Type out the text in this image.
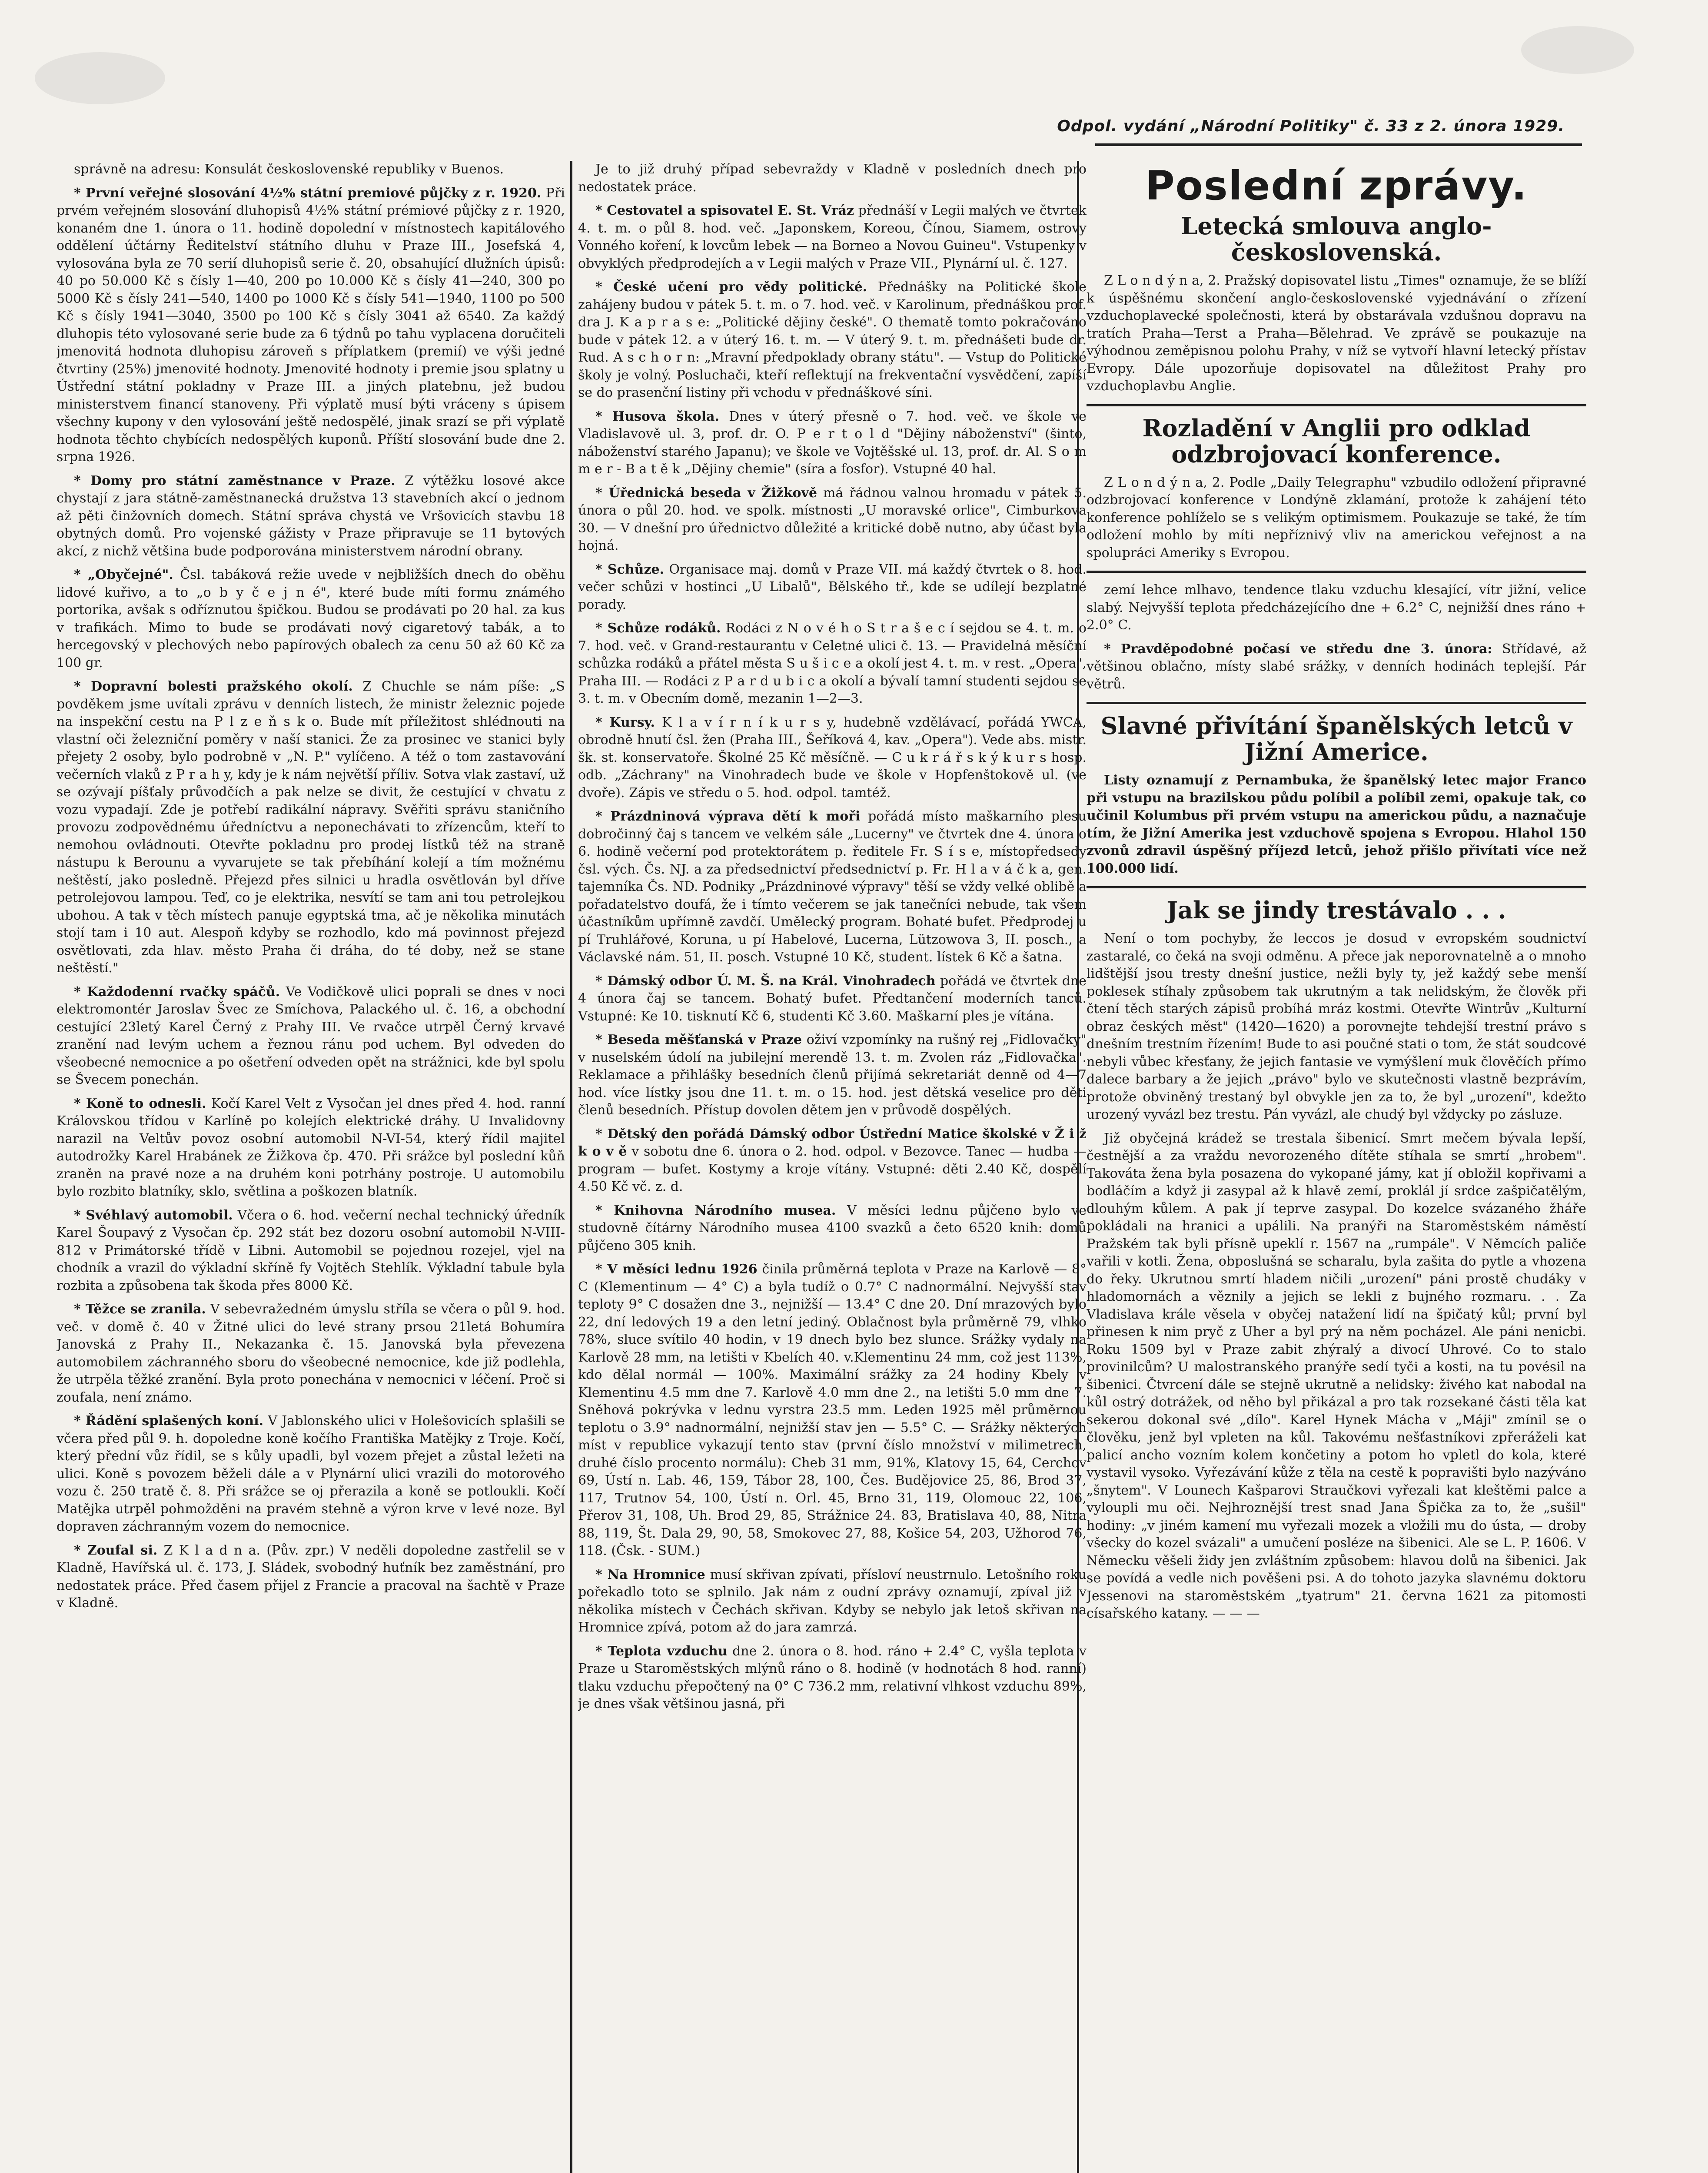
Odpol. vydání „Národní Politiky" č. 33 z 2. února 1929.

správně na adresu: Konsulát československé republiky v Buenos.

* První veřejné slosování 4½% státní premiové půjčky z r. 1920. Při prvém veřejném slosování dluhopisů 4½% státní prémiové půjčky z r. 1920, konaném dne 1. února o 11. hodině dopolední v místnostech kapitálového oddělení účtárny Ředitelství státního dluhu v Praze III., Josefská 4, vylosována byla ze 70 serií dluhopisů serie č. 20, obsahující dlužních úpisů: 40 po 50.000 Kč s čísly 1—40, 200 po 10.000 Kč s čísly 41—240, 300 po 5000 Kč s čísly 241—540, 1400 po 1000 Kč s čísly 541—1940, 1100 po 500 Kč s čísly 1941—3040, 3500 po 100 Kč s čísly 3041 až 6540. Za každý dluhopis této vylosované serie bude za 6 týdnů po tahu vyplacena doručiteli jmenovitá hodnota dluhopisu zároveň s příplatkem (premií) ve výši jedné čtvrtiny (25%) jmenovité hodnoty. Jmenovité hodnoty i premie jsou splatny u Ústřední státní pokladny v Praze III. a jiných platebnu, jež budou ministerstvem financí stanoveny. Při výplatě musí býti vráceny s úpisem všechny kupony v den vylosování ještě nedospělé, jinak srazí se při výplatě hodnota těchto chybících nedospělých kuponů. Příští slosování bude dne 2. srpna 1926.

* Domy pro státní zaměstnance v Praze. Z výtěžku losové akce chystají z jara státně-zaměstnanecká družstva 13 stavebních akcí o jednom až pěti činžovních domech. Státní správa chystá ve Vršovicích stavbu 18 obytných domů. Pro vojenské gážisty v Praze připravuje se 11 bytových akcí, z nichž většina bude podporována ministerstvem národní obrany.

* „Obyčejné". Čsl. tabáková režie uvede v nejbližších dnech do oběhu lidové kuřivo, a to „o b y č e j n é", které bude míti formu známého portorika, avšak s odříznutou špičkou. Budou se prodávati po 20 hal. za kus v trafikách. Mimo to bude se prodávati nový cigaretový tabák, a to hercegovský v plechových nebo papírových obalech za cenu 50 až 60 Kč za 100 gr.

* Dopravní bolesti pražského okolí. Z Chuchle se nám píše: „S povděkem jsme uvítali zprávu v denních listech, že ministr železnic pojede na inspekční cestu na P l z e ň s k o. Bude mít příležitost shlédnouti na vlastní oči železniční poměry v naší stanici. Že za prosinec ve stanici byly přejety 2 osoby, bylo podrobně v „N. P." vylíčeno. A též o tom zastavování večerních vlaků z P r a h y, kdy je k nám největší příliv. Sotva vlak zastaví, už se ozývají píšťaly průvodčích a pak nelze se divit, že cestující v chvatu z vozu vypadají. Zde je potřebí radikální nápravy. Svěřiti správu staničního provozu zodpovědnému úředníctvu a neponechávati to zřízencům, kteří to nemohou ovládnouti. Otevřte pokladnu pro prodej lístků též na straně nástupu k Berounu a vyvarujete se tak přebíhání kolejí a tím možnému neštěstí, jako posledně. Přejezd přes silnici u hradla osvětlován byl dříve petrolejovou lampou. Teď, co je elektrika, nesvítí se tam ani tou petrolejkou ubohou. A tak v těch místech panuje egyptská tma, ač je několika minutách stojí tam i 10 aut. Alespoň kdyby se rozhodlo, kdo má povinnost přejezd osvětlovati, zda hlav. město Praha či dráha, do té doby, než se stane neštěstí."

* Každodenní rvačky spáčů. Ve Vodičkově ulici poprali se dnes v noci elektromontér Jaroslav Švec ze Smíchova, Palackého ul. č. 16, a obchodní cestující 23letý Karel Černý z Prahy III. Ve rvačce utrpěl Černý krvavé zranění nad levým uchem a řeznou ránu pod uchem. Byl odveden do všeobecné nemocnice a po ošetření odveden opět na strážnici, kde byl spolu se Švecem ponechán.

* Koně to odnesli. Kočí Karel Velt z Vysočan jel dnes před 4. hod. ranní Královskou třídou v Karlíně po kolejích elektrické dráhy. U Invalidovny narazil na Veltův povoz osobní automobil N-VI-54, který řídil majitel autodrožky Karel Hrabánek ze Žižkova čp. 470. Při srážce byl poslední kůň zraněn na pravé noze a na druhém koni potrhány postroje. U automobilu bylo rozbito blatníky, sklo, světlina a poškozen blatník.

* Svéhlavý automobil. Včera o 6. hod. večerní nechal technický úředník Karel Šoupavý z Vysočan čp. 292 stát bez dozoru osobní automobil N-VIII-812 v Primátorské třídě v Libni. Automobil se pojednou rozejel, vjel na chodník a vrazil do výkladní skříně fy Vojtěch Stehlík. Výkladní tabule byla rozbita a způsobena tak škoda přes 8000 Kč.

* Těžce se zranila. V sebevražedném úmyslu stříla se včera o půl 9. hod. več. v domě č. 40 v Žitné ulici do levé strany prsou 21letá Bohumíra Janovská z Prahy II., Nekazanka č. 15. Janovská byla převezena automobilem záchranného sboru do všeobecné nemocnice, kde již podlehla, že utrpěla těžké zranění. Byla proto ponechána v nemocnici v léčení. Proč si zoufala, není známo.

* Řádění splašených koní. V Jablonského ulici v Holešovicích splašili se včera před půl 9. h. dopoledne koně kočího Františka Matějky z Troje. Kočí, který přední vůz řídil, se s kůly upadli, byl vozem přejet a zůstal ležeti na ulici. Koně s povozem běželi dále a v Plynární ulici vrazili do motorového vozu č. 250 tratě č. 8. Při srážce se oj přerazila a koně se potloukli. Kočí Matějka utrpěl pohmožděni na pravém stehně a výron krve v levé noze. Byl dopraven záchranným vozem do nemocnice.

* Zoufal si. Z K l a d n a. (Pův. zpr.) V neděli dopoledne zastřelil se v Kladně, Havířská ul. č. 173, J. Sládek, svobodný huťník bez zaměstnání, pro nedostatek práce. Před časem přijel z Francie a pracoval na šachtě v Praze v Kladně.

Je to již druhý případ sebevraždy v Kladně v posledních dnech pro nedostatek práce.

* Cestovatel a spisovatel E. St. Vráz přednáší v Legii malých ve čtvrtek 4. t. m. o půl 8. hod. več. „Japonskem, Koreou, Čínou, Siamem, ostrovy Vonného koření, k lovcům lebek — na Borneo a Novou Guineu". Vstupenky v obvyklých předprodejích a v Legii malých v Praze VII., Plynární ul. č. 127.

* České učení pro vědy politické. Přednášky na Politické škole zahájeny budou v pátek 5. t. m. o 7. hod. več. v Karolinum, přednáškou prof. dra J. K a p r a s e: „Politické dějiny české". O thematě tomto pokračováno bude v pátek 12. a v úterý 16. t. m. — V úterý 9. t. m. přednášeti bude dr. Rud. A s c h o r n: „Mravní předpoklady obrany státu". — Vstup do Politické školy je volný. Posluchači, kteří reflektují na frekventační vysvědčení, zapíší se do prasenční listiny při vchodu v přednáškové síni.

* Husova škola. Dnes v úterý přesně o 7. hod. več. ve škole ve Vladislavově ul. 3, prof. dr. O. P e r t o l d "Dějiny náboženství" (šinto, náboženství starého Japanu); ve škole ve Vojtěšské ul. 13, prof. dr. Al. S o m m e r - B a t ě k „Dějiny chemie" (síra a fosfor). Vstupné 40 hal.

* Úřednická beseda v Žižkově má řádnou valnou hromadu v pátek 5. února o půl 20. hod. ve spolk. místnosti „U moravské orlice", Cimburkova 30. — V dnešní pro úřednictvo důležité a kritické době nutno, aby účast byla hojná.

* Schůze. Organisace maj. domů v Praze VII. má každý čtvrtek o 8. hod. večer schůzi v hostinci „U Libalů", Bělského tř., kde se udílejí bezplatné porady.

* Schůze rodáků. Rodáci z N o v é h o S t r a š e c í sejdou se 4. t. m. o 7. hod. več. v Grand-restaurantu v Celetné ulici č. 13. — Pravidelná měsíční schůzka rodáků a přátel města S u š i c e a okolí jest 4. t. m. v rest. „Opera", Praha III. — Rodáci z P a r d u b i c a okolí a bývalí tamní studenti sejdou se 3. t. m. v Obecním domě, mezanin 1—2—3.

* Kursy. K l a v í r n í k u r s y, hudebně vzdělávací, pořádá YWCA, obrodně hnutí čsl. žen (Praha III., Šeříková 4, kav. „Opera"). Vede abs. mistr. šk. st. konservatoře. Školné 25 Kč měsíčně. — C u k r á ř s k ý k u r s hosp. odb. „Záchrany" na Vinohradech bude ve škole v Hopfenštokově ul. (ve dvoře). Zápis ve středu o 5. hod. odpol. tamtéž.

* Prázdninová výprava dětí k moři pořádá místo maškarního plesu dobročinný čaj s tancem ve velkém sále „Lucerny" ve čtvrtek dne 4. února o 6. hodině večerní pod protektorátem p. ředitele Fr. S í s e, místopředsedy čsl. vých. Čs. NJ. a za předsednictví předsednictví p. Fr. H l a v á č k a, gen. tajemníka Čs. ND. Podniky „Prázdninové výpravy" těší se vždy velké oblibě a pořadatelstvo doufá, že i tímto večerem se jak tanečníci nebude, tak všem účastníkům upřímně zavdčí. Umělecký program. Bohaté bufet. Předprodej u pí Truhlářové, Koruna, u pí Habelové, Lucerna, Lützowova 3, II. posch., a Václavské nám. 51, II. posch. Vstupné 10 Kč, student. lístek 6 Kč a šatna.

* Dámský odbor Ú. M. Š. na Král. Vinohradech pořádá ve čtvrtek dne 4 února čaj se tancem. Bohatý bufet. Předtančení moderních tanců. Vstupné: Ke 10. tisknutí Kč 6, studenti Kč 3.60. Maškarní ples je vítána.

* Beseda měšťanská v Praze oživí vzpomínky na rušný rej „Fidlovačky" v nuselském údolí na jubilejní merendě 13. t. m. Zvolen ráz „Fidlovačka". Reklamace a přihlášky besedních členů přijímá sekretariát denně od 4—7 hod. více lístky jsou dne 11. t. m. o 15. hod. jest dětská veselice pro děti členů besedních. Přístup dovolen dětem jen v průvodě dospělých.

* Dětský den pořádá Dámský odbor Ústřední Matice školské v Ž i ž k o v ě v sobotu dne 6. února o 2. hod. odpol. v Bezovce. Tanec — hudba — program — bufet. Kostymy a kroje vítány. Vstupné: děti 2.40 Kč, dospělí 4.50 Kč vč. z. d.

* Knihovna Národního musea. V měsíci lednu půjčeno bylo ve studovně čítárny Národního musea 4100 svazků a četo 6520 knih: domů půjčeno 305 knih.

* V měsíci lednu 1926 činila průměrná teplota v Praze na Karlově — 8° C (Klementinum — 4° C) a byla tudíž o 0.7° C nadnormální. Nejvyšší stav teploty 9° C dosažen dne 3., nejnižší — 13.4° C dne 20. Dní mrazových bylo 22, dní ledových 19 a den letní jediný. Oblačnost byla průměrně 79, vlhko 78%, sluce svítilo 40 hodin, v 19 dnech bylo bez slunce. Srážky vydaly na Karlově 28 mm, na letišti v Kbelích 40. v.Klementinu 24 mm, což jest 113%, kdo dělal normál — 100%. Maximální srážky za 24 hodiny Kbely v Klementinu 4.5 mm dne 7. Karlově 4.0 mm dne 2., na letišti 5.0 mm dne 7. Sněhová pokrývka v lednu vyrstra 23.5 mm. Leden 1925 měl průměrnou teplotu o 3.9° nadnormální, nejnižší stav jen — 5.5° C. — Srážky některých míst v republice vykazují tento stav (první číslo množství v milimetrech, druhé číslo procento normálu): Cheb 31 mm, 91%, Klatovy 15, 64, Cerchov 69, Ústí n. Lab. 46, 159, Tábor 28, 100, Čes. Budějovice 25, 86, Brod 37, 117, Trutnov 54, 100, Ústí n. Orl. 45, Brno 31, 119, Olomouc 22, 106, Přerov 31, 108, Uh. Brod 29, 85, Strážnice 24. 83, Bratislava 40, 88, Nitra 88, 119, Št. Dala 29, 90, 58, Smokovec 27, 88, Košice 54, 203, Užhorod 76, 118. (Čsk. - SUM.)

* Na Hromnice musí skřivan zpívati, přísloví neustrnulo. Letošního roku pořekadlo toto se splnilo. Jak nám z oudní zprávy oznamují, zpíval již v několika místech v Čechách skřivan. Kdyby se nebylo jak letoš skřivan na Hromnice zpívá, potom až do jara zamrzá.

* Teplota vzduchu dne 2. února o 8. hod. ráno + 2.4° C, vyšla teplota v Praze u Staroměstských mlýnů ráno o 8. hodině (v hodnotách 8 hod. ranní) tlaku vzduchu přepočtený na 0° C 736.2 mm, relativní vlhkost vzduchu 89%, je dnes však většinou jasná, při

Poslední zprávy.
Letecká smlouva anglo-československá.

Z L o n d ý n a, 2. Pražský dopisovatel listu „Times" oznamuje, že se blíží k úspěšnému skončení anglo-československé vyjednávání o zřízení vzduchoplavecké společnosti, která by obstarávala vzdušnou dopravu na tratích Praha—Terst a Praha—Bělehrad. Ve zprávě se poukazuje na výhodnou zeměpisnou polohu Prahy, v níž se vytvoří hlavní letecký přístav Evropy. Dále upozorňuje dopisovatel na důležitost Prahy pro vzduchoplavbu Anglie.

Rozladění v Anglii pro odklad odzbrojovací konference.

Z L o n d ý n a, 2. Podle „Daily Telegraphu" vzbudilo odložení připravné odzbrojovací konference v Londýně zklamání, protože k zahájení této konference pohlíželo se s velikým optimismem. Poukazuje se také, že tím odložení mohlo by míti nepříznivý vliv na americkou veřejnost a na spolupráci Ameriky s Evropou.

zemí lehce mlhavo, tendence tlaku vzduchu klesající, vítr jižní, velice slabý. Nejvyšší teplota předcházejícího dne + 6.2° C, nejnižší dnes ráno + 2.0° C.

* Pravděpodobné počasí ve středu dne 3. února: Střídavé, až většinou oblačno, místy slabé srážky, v denních hodinách teplejší. Pár větrů.

Slavné přivítání španělských letců v Jižní Americe.

Listy oznamují z Pernambuka, že španělský letec major Franco při vstupu na brazilskou půdu políbil a políbil zemi, opakuje tak, co učinil Kolumbus při prvém vstupu na americkou půdu, a naznačuje tím, že Jižní Amerika jest vzduchově spojena s Evropou. Hlahol 150 zvonů zdravil úspěšný příjezd letců, jehož přišlo přivítati více než 100.000 lidí.

Jak se jindy trestávalo . . .

Není o tom pochyby, že leccos je dosud v evropském soudnictví zastaralé, co čeká na svoji odměnu. A přece jak neporovnatelně a o mnoho lidštější jsou tresty dnešní justice, nežli byly ty, jež každý sebe menší poklesek stíhaly způsobem tak ukrutným a tak nelidským, že člověk při čtení těch starých zápisů probíhá mráz kostmi. Otevřte Wintrův „Kulturní obraz českých měst" (1420—1620) a porovnejte tehdejší trestní právo s dnešním trestním řízením! Bude to asi poučné stati o tom, že stát soudcové nebyli vůbec křesťany, že jejich fantasie ve vymýšlení muk člověčích přímo dalece barbary a že jejich „právo" bylo ve skutečnosti vlastně bezprávím, protože obviněný trestaný byl obvykle jen za to, že byl „urození", kdežto urozený vyvázl bez trestu. Pán vyvázl, ale chudý byl vždycky po zásluze.

Již obyčejná krádež se trestala šibenicí. Smrt mečem bývala lepší, čestnější a za vraždu nevorozeného dítěte stíhala se smrtí „hrobem". Takováta žena byla posazena do vykopané jámy, kat jí obložil kopřivami a bodláčím a když ji zasypal až k hlavě zemí, proklál jí srdce zašpičatělým, dlouhým kůlem. A pak jí teprve zasypal. Do kozelce svázaného žháře pokládali na hranici a upálili. Na pranýři na Staroměstském náměstí Pražském tak byli přísně upeklí r. 1567 na „rumpále". V Němcích paliče vařili v kotli. Žena, obposlušná se scharalu, byla zašita do pytle a vhozena do řeky. Ukrutnou smrtí hladem ničili „urození" páni prostě chudáky v hladomornách a věznily a jejich se lekli z bujného rozmaru. . . Za Vladislava krále věsela v obyčej natažení lidí na špičatý kůl; první byl přinesen k nim pryč z Uher a byl prý na něm pocházel. Ale páni nenicbi. Roku 1509 byl v Praze zabit zhýralý a divocí Uhrové. Co to stalo provinilcům? U malostranského pranýře sedí tyči a kosti, na tu povésil na šibenici. Čtvrcení dále se stejně ukrutně a nelidsky: živého kat nabodal na kůl ostrý dotrážek, od něho byl přikázal a pro tak rozsekané části těla kat sekerou dokonal své „dílo". Karel Hynek Mácha v „Máji" zmínil se o člověku, jenž byl vpleten na kůl. Takovému nešťastníkovi zpřeráželi kat palicí ancho vozním kolem končetiny a potom ho vpletl do kola, které vystavil vysoko. Vyřezávání kůže z těla na cestě k popravišti bylo nazýváno „šnytem". V Lounech Kašparovi Straučkovi vyřezali kat kleštěmi palce a vyloupli mu oči. Nejhroznější trest snad Jana Špička za to, že „sušil" hodiny: „v jiném kamení mu vyřezali mozek a vložili mu do ústa, — droby všecky do kozel svázali" a umučení posléze na šibenici. Ale se L. P. 1606. V Německu věšeli židy jen zvláštním způsobem: hlavou dolů na šibenici. Jak se povídá a vedle nich pověšeni psi. A do tohoto jazyka slavnému doktoru Jessenovi na staroměstském „tyatrum" 21. června 1621 za pitomosti císařského katany. — — —
